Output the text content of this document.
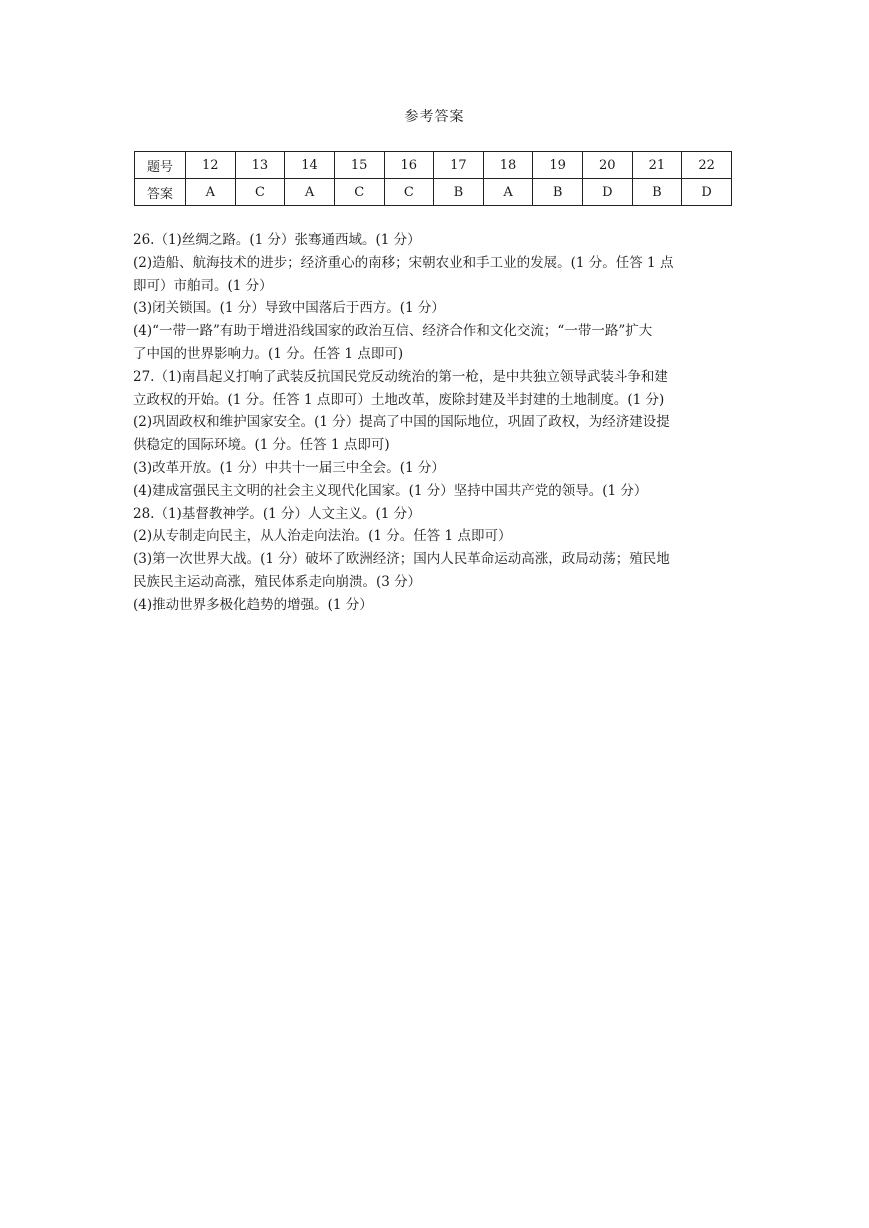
参考答案
题号	12	13	14	15	16	17	18	19	20	21	22
答案	A	C	A	C	C	B	A	B	D	B	D

26.（1)丝绸之路。(1 分）张骞通西域。(1 分）

(2)造船、航海技术的进步；经济重心的南移；宋朝农业和手工业的发展。(1 分。任答 1 点

即可）市舶司。(1 分）

(3)闭关锁国。(1 分）导致中国落后于西方。(1 分）

(4)“一带一路”有助于增进沿线国家的政治互信、经济合作和文化交流；“一带一路”扩大

了中国的世界影响力。(1 分。任答 1 点即可)

27.（1)南昌起义打响了武装反抗国民党反动统治的第一枪，是中共独立领导武装斗争和建

立政权的开始。(1 分。任答 1 点即可）土地改革，废除封建及半封建的土地制度。(1 分)

(2)巩固政权和维护国家安全。(1 分）提高了中国的国际地位，巩固了政权，为经济建设提

供稳定的国际环境。(1 分。任答 1 点即可)

(3)改革开放。(1 分）中共十一届三中全会。(1 分）

(4)建成富强民主文明的社会主义现代化国家。(1 分）坚持中国共产党的领导。(1 分）

28.（1)基督教神学。(1 分）人文主义。(1 分）

(2)从专制走向民主，从人治走向法治。(1 分。任答 1 点即可）

(3)第一次世界大战。(1 分）破坏了欧洲经济；国内人民革命运动高涨，政局动荡；殖民地

民族民主运动高涨，殖民体系走向崩溃。(3 分）

(4)推动世界多极化趋势的增强。(1 分）
